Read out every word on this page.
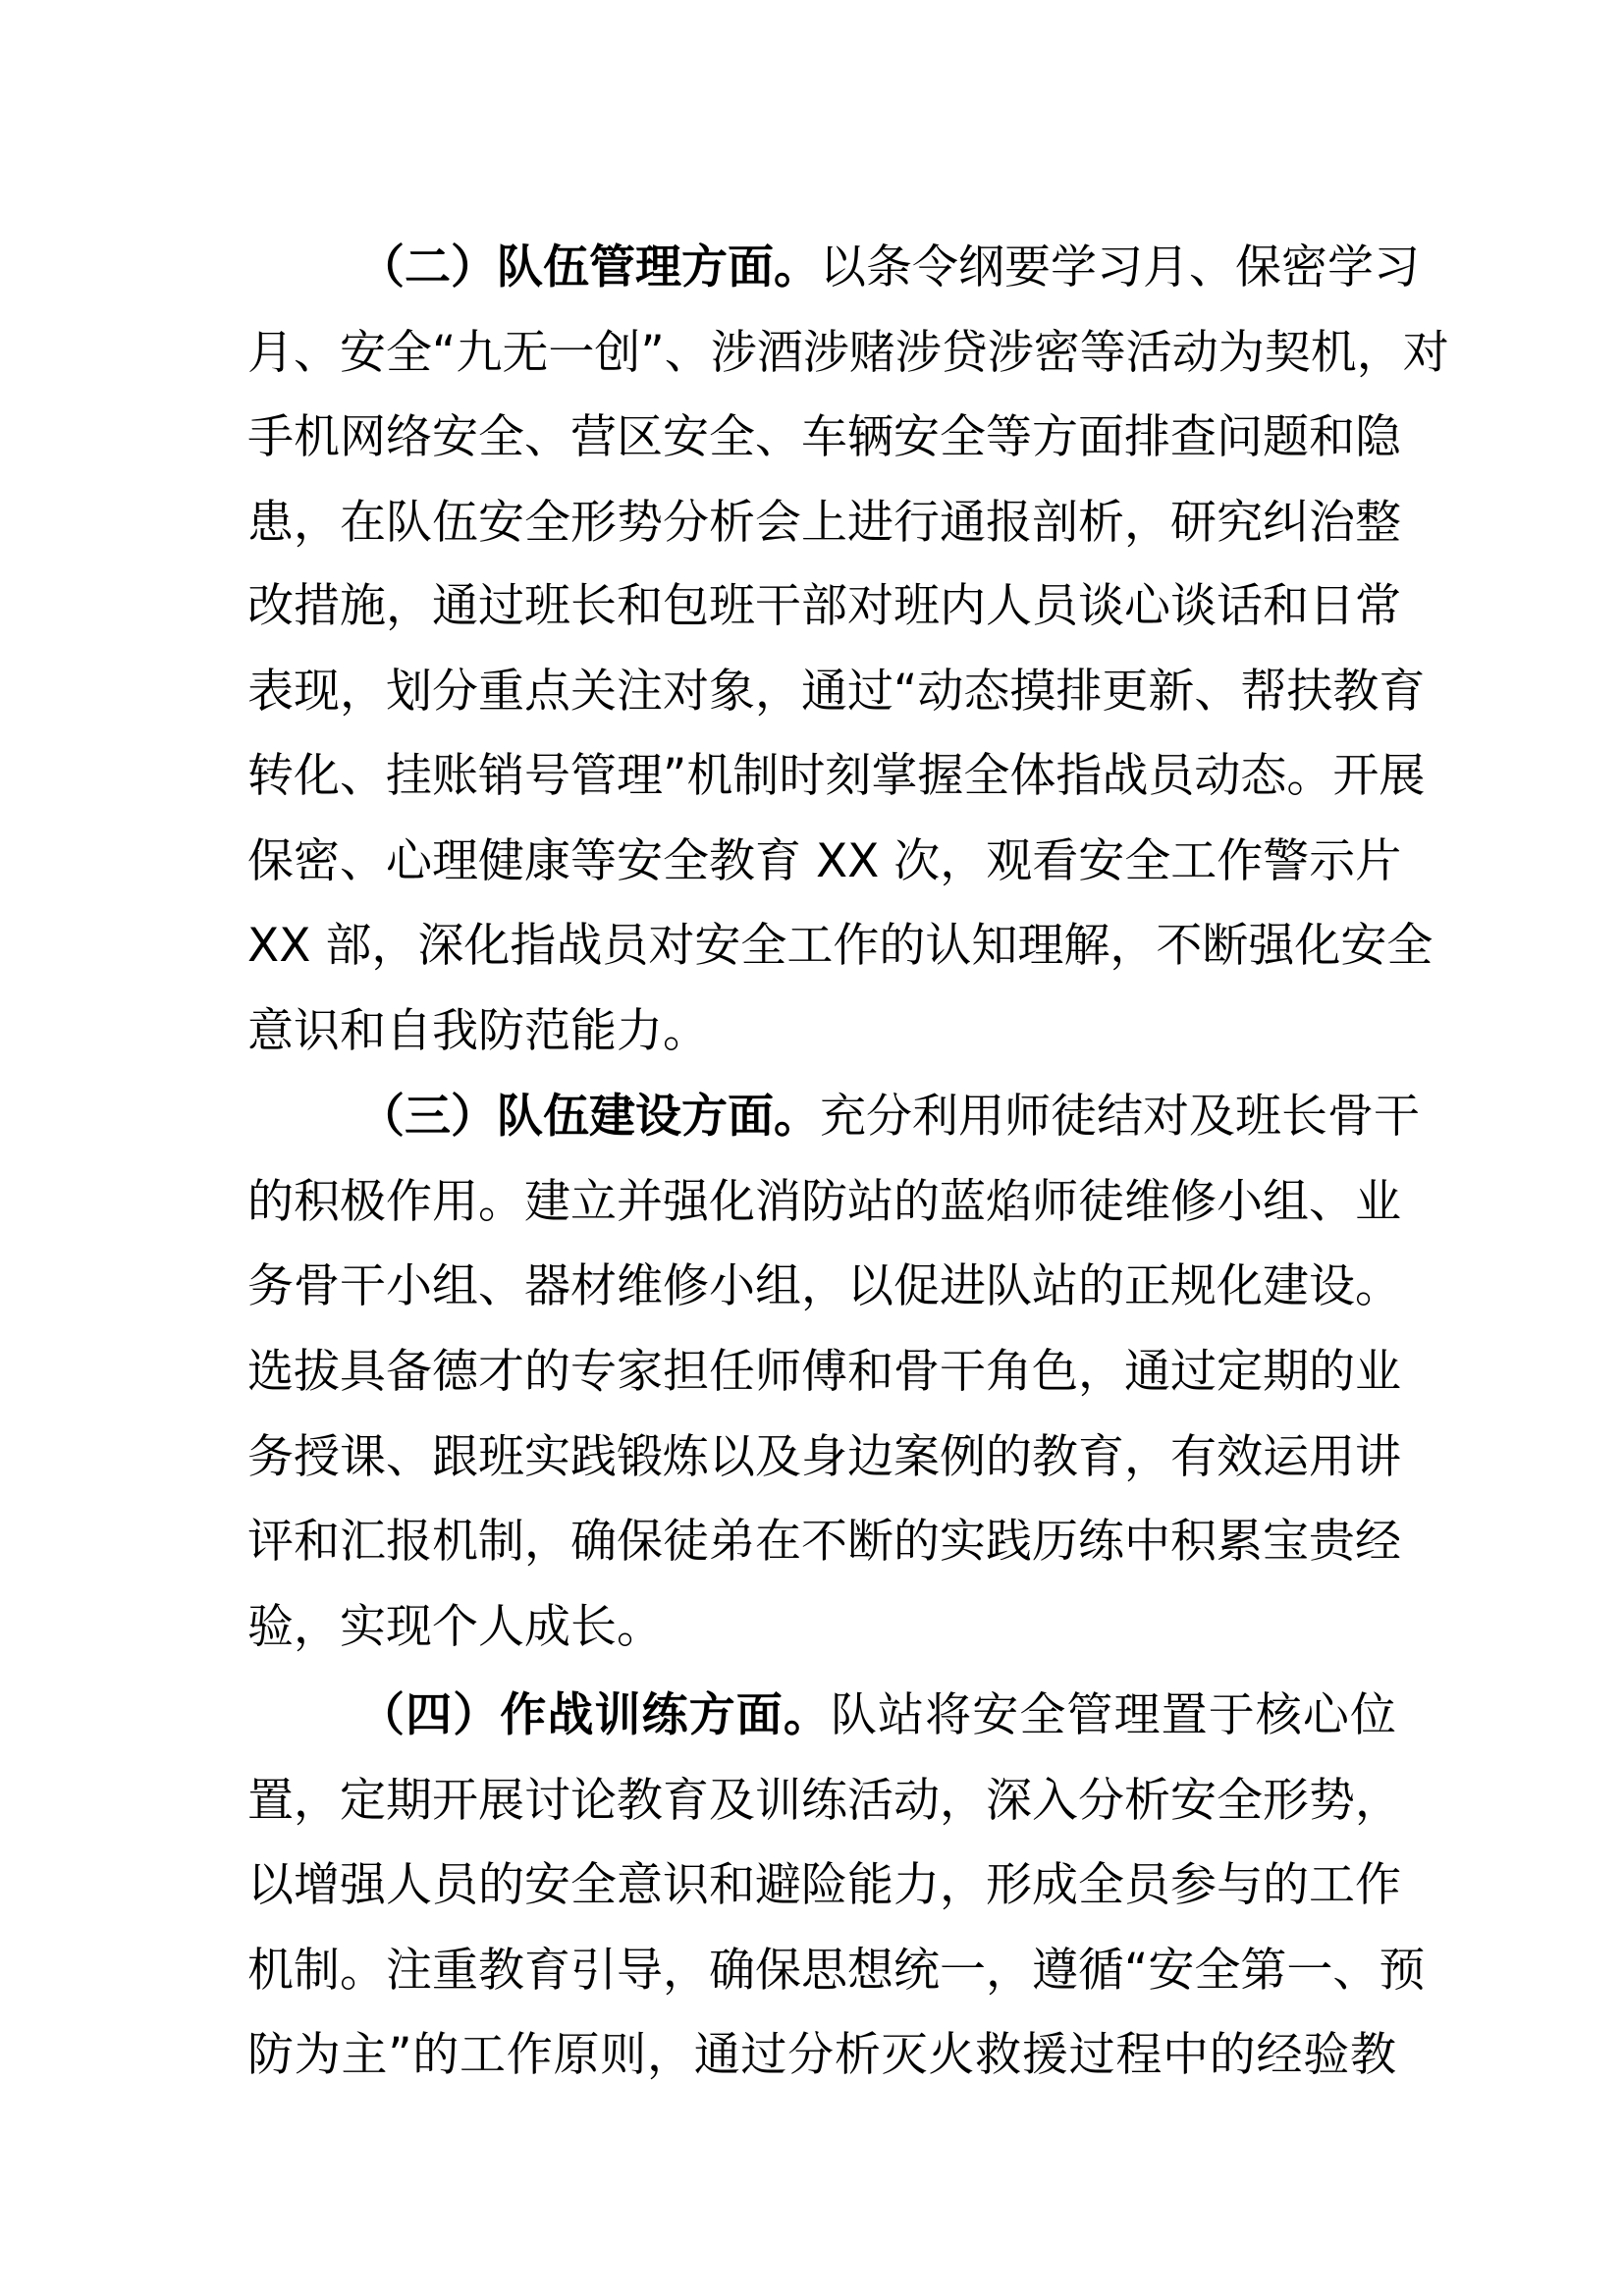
（二）队伍管理方面。以条令纲要学习月、保密学习
月、安全“九无一创”、涉酒涉赌涉贷涉密等活动为契机，对
手机网络安全、营区安全、车辆安全等方面排查问题和隐
患，在队伍安全形势分析会上进行通报剖析，研究纠治整
改措施，通过班长和包班干部对班内人员谈心谈话和日常
表现，划分重点关注对象，通过“动态摸排更新、帮扶教育
转化、挂账销号管理”机制时刻掌握全体指战员动态。开展
保密、心理健康等安全教育 XX 次，观看安全工作警示片
XX 部，深化指战员对安全工作的认知理解，不断强化安全
意识和自我防范能力。
（三）队伍建设方面。充分利用师徒结对及班长骨干
的积极作用。建立并强化消防站的蓝焰师徒维修小组、业
务骨干小组、器材维修小组，以促进队站的正规化建设。
选拔具备德才的专家担任师傅和骨干角色，通过定期的业
务授课、跟班实践锻炼以及身边案例的教育，有效运用讲
评和汇报机制，确保徒弟在不断的实践历练中积累宝贵经
验，实现个人成长。
（四）作战训练方面。队站将安全管理置于核心位
置，定期开展讨论教育及训练活动，深入分析安全形势，
以增强人员的安全意识和避险能力，形成全员参与的工作
机制。注重教育引导，确保思想统一，遵循“安全第一、预
防为主”的工作原则，通过分析灭火救援过程中的经验教
